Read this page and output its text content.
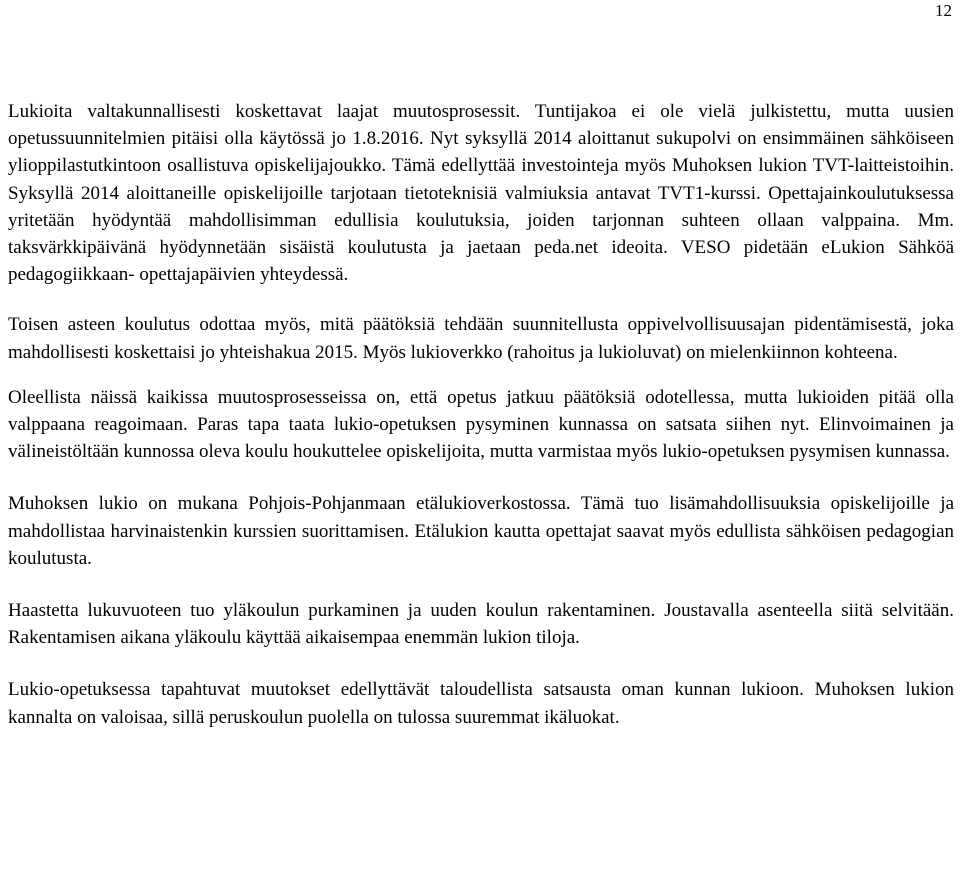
12

Lukioita valtakunnallisesti koskettavat laajat muutosprosessit. Tuntijakoa ei ole vielä julkistettu, mutta uusien opetussuunnitelmien pitäisi olla käytössä jo 1.8.2016. Nyt syksyllä 2014 aloittanut sukupolvi on ensimmäinen sähköiseen ylioppilastutkintoon osallistuva opiskelijajoukko. Tämä edellyttää investointeja myös Muhoksen lukion TVT-laitteistoihin. Syksyllä 2014 aloittaneille opiskelijoille tarjotaan tietoteknisiä valmiuksia antavat TVT1-kurssi. Opettajainkoulutuksessa yritetään hyödyntää mahdollisimman edullisia koulutuksia, joiden tarjonnan suhteen ollaan valppaina. Mm. taksvärkkipäivänä hyödynnetään sisäistä koulutusta ja jaetaan peda.net ideoita. VESO pidetään eLukion Sähköä pedagogiikkaan- opettajapäivien yhteydessä.

Toisen asteen koulutus odottaa myös, mitä päätöksiä tehdään suunnitellusta oppivelvollisuusajan pidentämisestä, joka mahdollisesti koskettaisi jo yhteishakua 2015. Myös lukioverkko (rahoitus ja lukioluvat) on mielenkiinnon kohteena.

Oleellista näissä kaikissa muutosprosesseissa on, että opetus jatkuu päätöksiä odotellessa, mutta lukioiden pitää olla valppaana reagoimaan. Paras tapa taata lukio-opetuksen pysyminen kunnassa on satsata siihen nyt. Elinvoimainen ja välineistöltään kunnossa oleva koulu houkuttelee opiskelijoita, mutta varmistaa myös lukio-opetuksen pysymisen kunnassa.

Muhoksen lukio on mukana Pohjois-Pohjanmaan etälukioverkostossa. Tämä tuo lisämahdollisuuksia opiskelijoille ja mahdollistaa harvinaistenkin kurssien suorittamisen. Etälukion kautta opettajat saavat myös edullista sähköisen pedagogian koulutusta.

Haastetta lukuvuoteen tuo yläkoulun purkaminen ja uuden koulun rakentaminen. Joustavalla asenteella siitä selvitään. Rakentamisen aikana yläkoulu käyttää aikaisempaa enemmän lukion tiloja.

Lukio-opetuksessa tapahtuvat muutokset edellyttävät taloudellista satsausta oman kunnan lukioon. Muhoksen lukion kannalta on valoisaa, sillä peruskoulun puolella on tulossa suuremmat ikäluokat.
